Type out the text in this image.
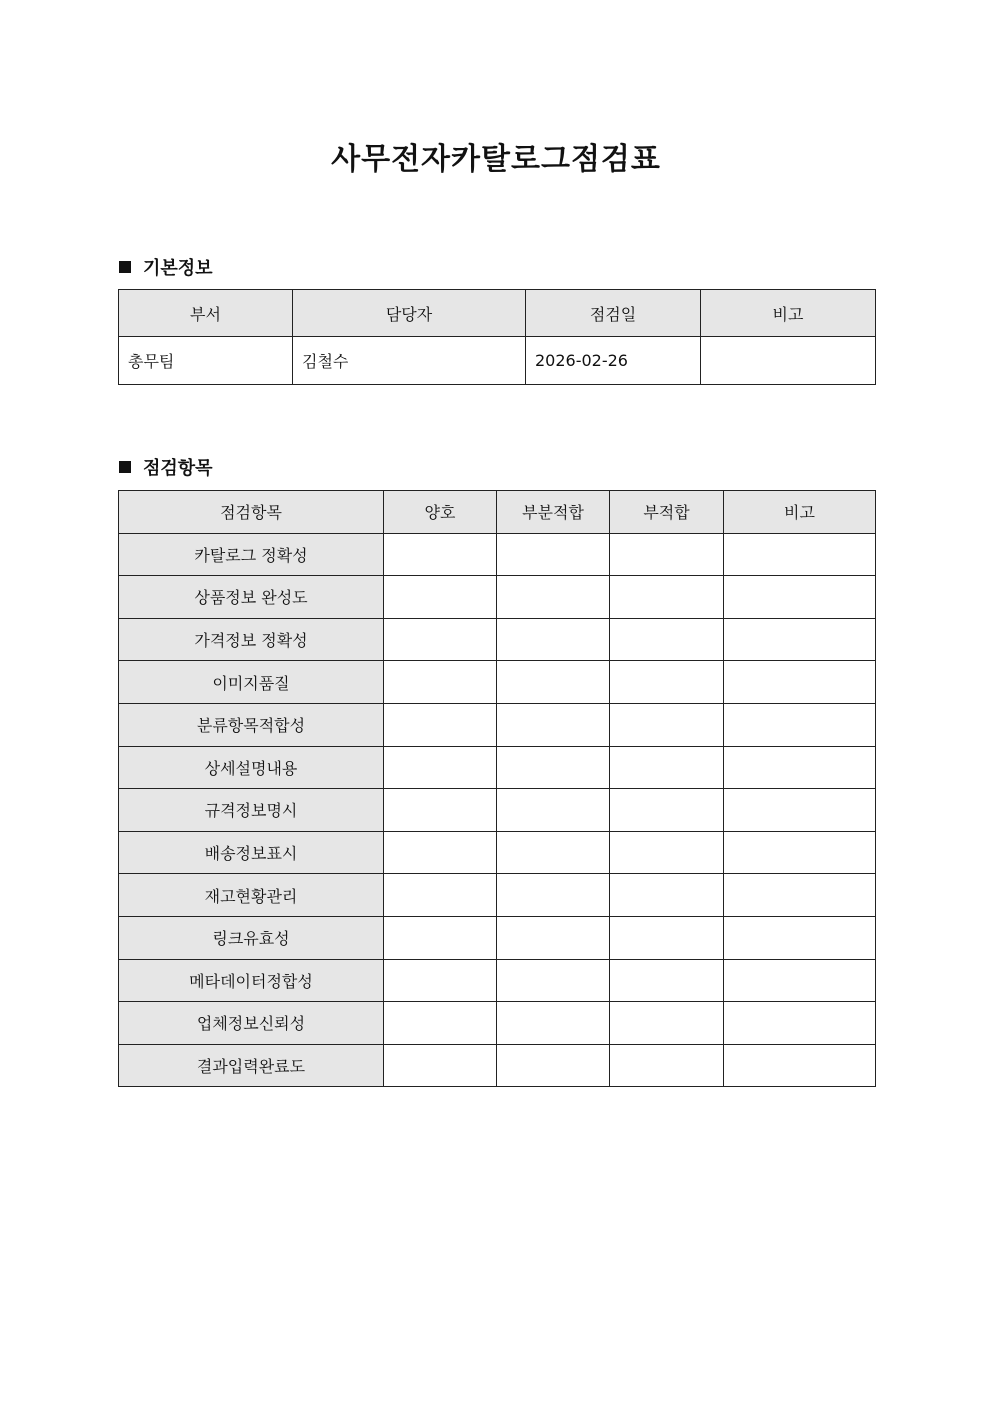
사무전자카탈로그점검표
기본정보
부서	담당자	점검일	비고
총무팀	김철수	2026-02-26	
점검항목
점검항목	양호	부분적합	부적합	비고
카탈로그 정확성				
상품정보 완성도				
가격정보 정확성				
이미지품질				
분류항목적합성				
상세설명내용				
규격정보명시				
배송정보표시				
재고현황관리				
링크유효성				
메타데이터정합성				
업체정보신뢰성				
결과입력완료도				
